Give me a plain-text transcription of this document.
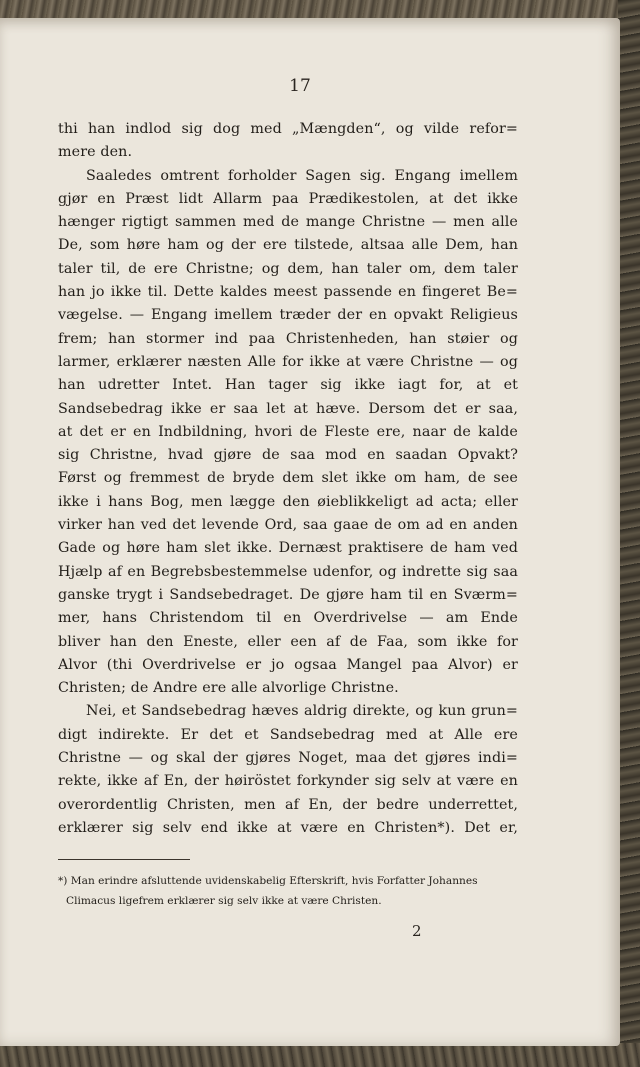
17
thi han indlod sig dog med „Mængden“, og vilde refor=
mere den.
Saaledes omtrent forholder Sagen sig. Engang imellem
gjør en Præst lidt Allarm paa Prædikestolen, at det ikke
hænger rigtigt sammen med de mange Christne — men alle
De, som høre ham og der ere tilstede, altsaa alle Dem, han
taler til, de ere Christne; og dem, han taler om, dem taler
han jo ikke til. Dette kaldes meest passende en fingeret Be=
vægelse. — Engang imellem træder der en opvakt Religieus
frem; han stormer ind paa Christenheden, han støier og
larmer, erklærer næsten Alle for ikke at være Christne — og
han udretter Intet. Han tager sig ikke iagt for, at et
Sandsebedrag ikke er saa let at hæve. Dersom det er saa,
at det er en Indbildning, hvori de Fleste ere, naar de kalde
sig Christne, hvad gjøre de saa mod en saadan Opvakt?
Først og fremmest de bryde dem slet ikke om ham, de see
ikke i hans Bog, men lægge den øieblikkeligt ad acta; eller
virker han ved det levende Ord, saa gaae de om ad en anden
Gade og høre ham slet ikke. Dernæst praktisere de ham ved
Hjælp af en Begrebsbestemmelse udenfor, og indrette sig saa
ganske trygt i Sandsebedraget. De gjøre ham til en Sværm=
mer, hans Christendom til en Overdrivelse — am Ende
bliver han den Eneste, eller een af de Faa, som ikke for
Alvor (thi Overdrivelse er jo ogsaa Mangel paa Alvor) er
Christen; de Andre ere alle alvorlige Christne.
Nei, et Sandsebedrag hæves aldrig direkte, og kun grun=
digt indirekte. Er det et Sandsebedrag med at Alle ere
Christne — og skal der gjøres Noget, maa det gjøres indi=
rekte, ikke af En, der høiröstet forkynder sig selv at være en
overordentlig Christen, men af En, der bedre underrettet,
erklærer sig selv end ikke at være en Christen*). Det er,
*) Man erindre afsluttende uvidenskabelig Efterskrift, hvis Forfatter Johannes
Climacus ligefrem erklærer sig selv ikke at være Christen.
2
